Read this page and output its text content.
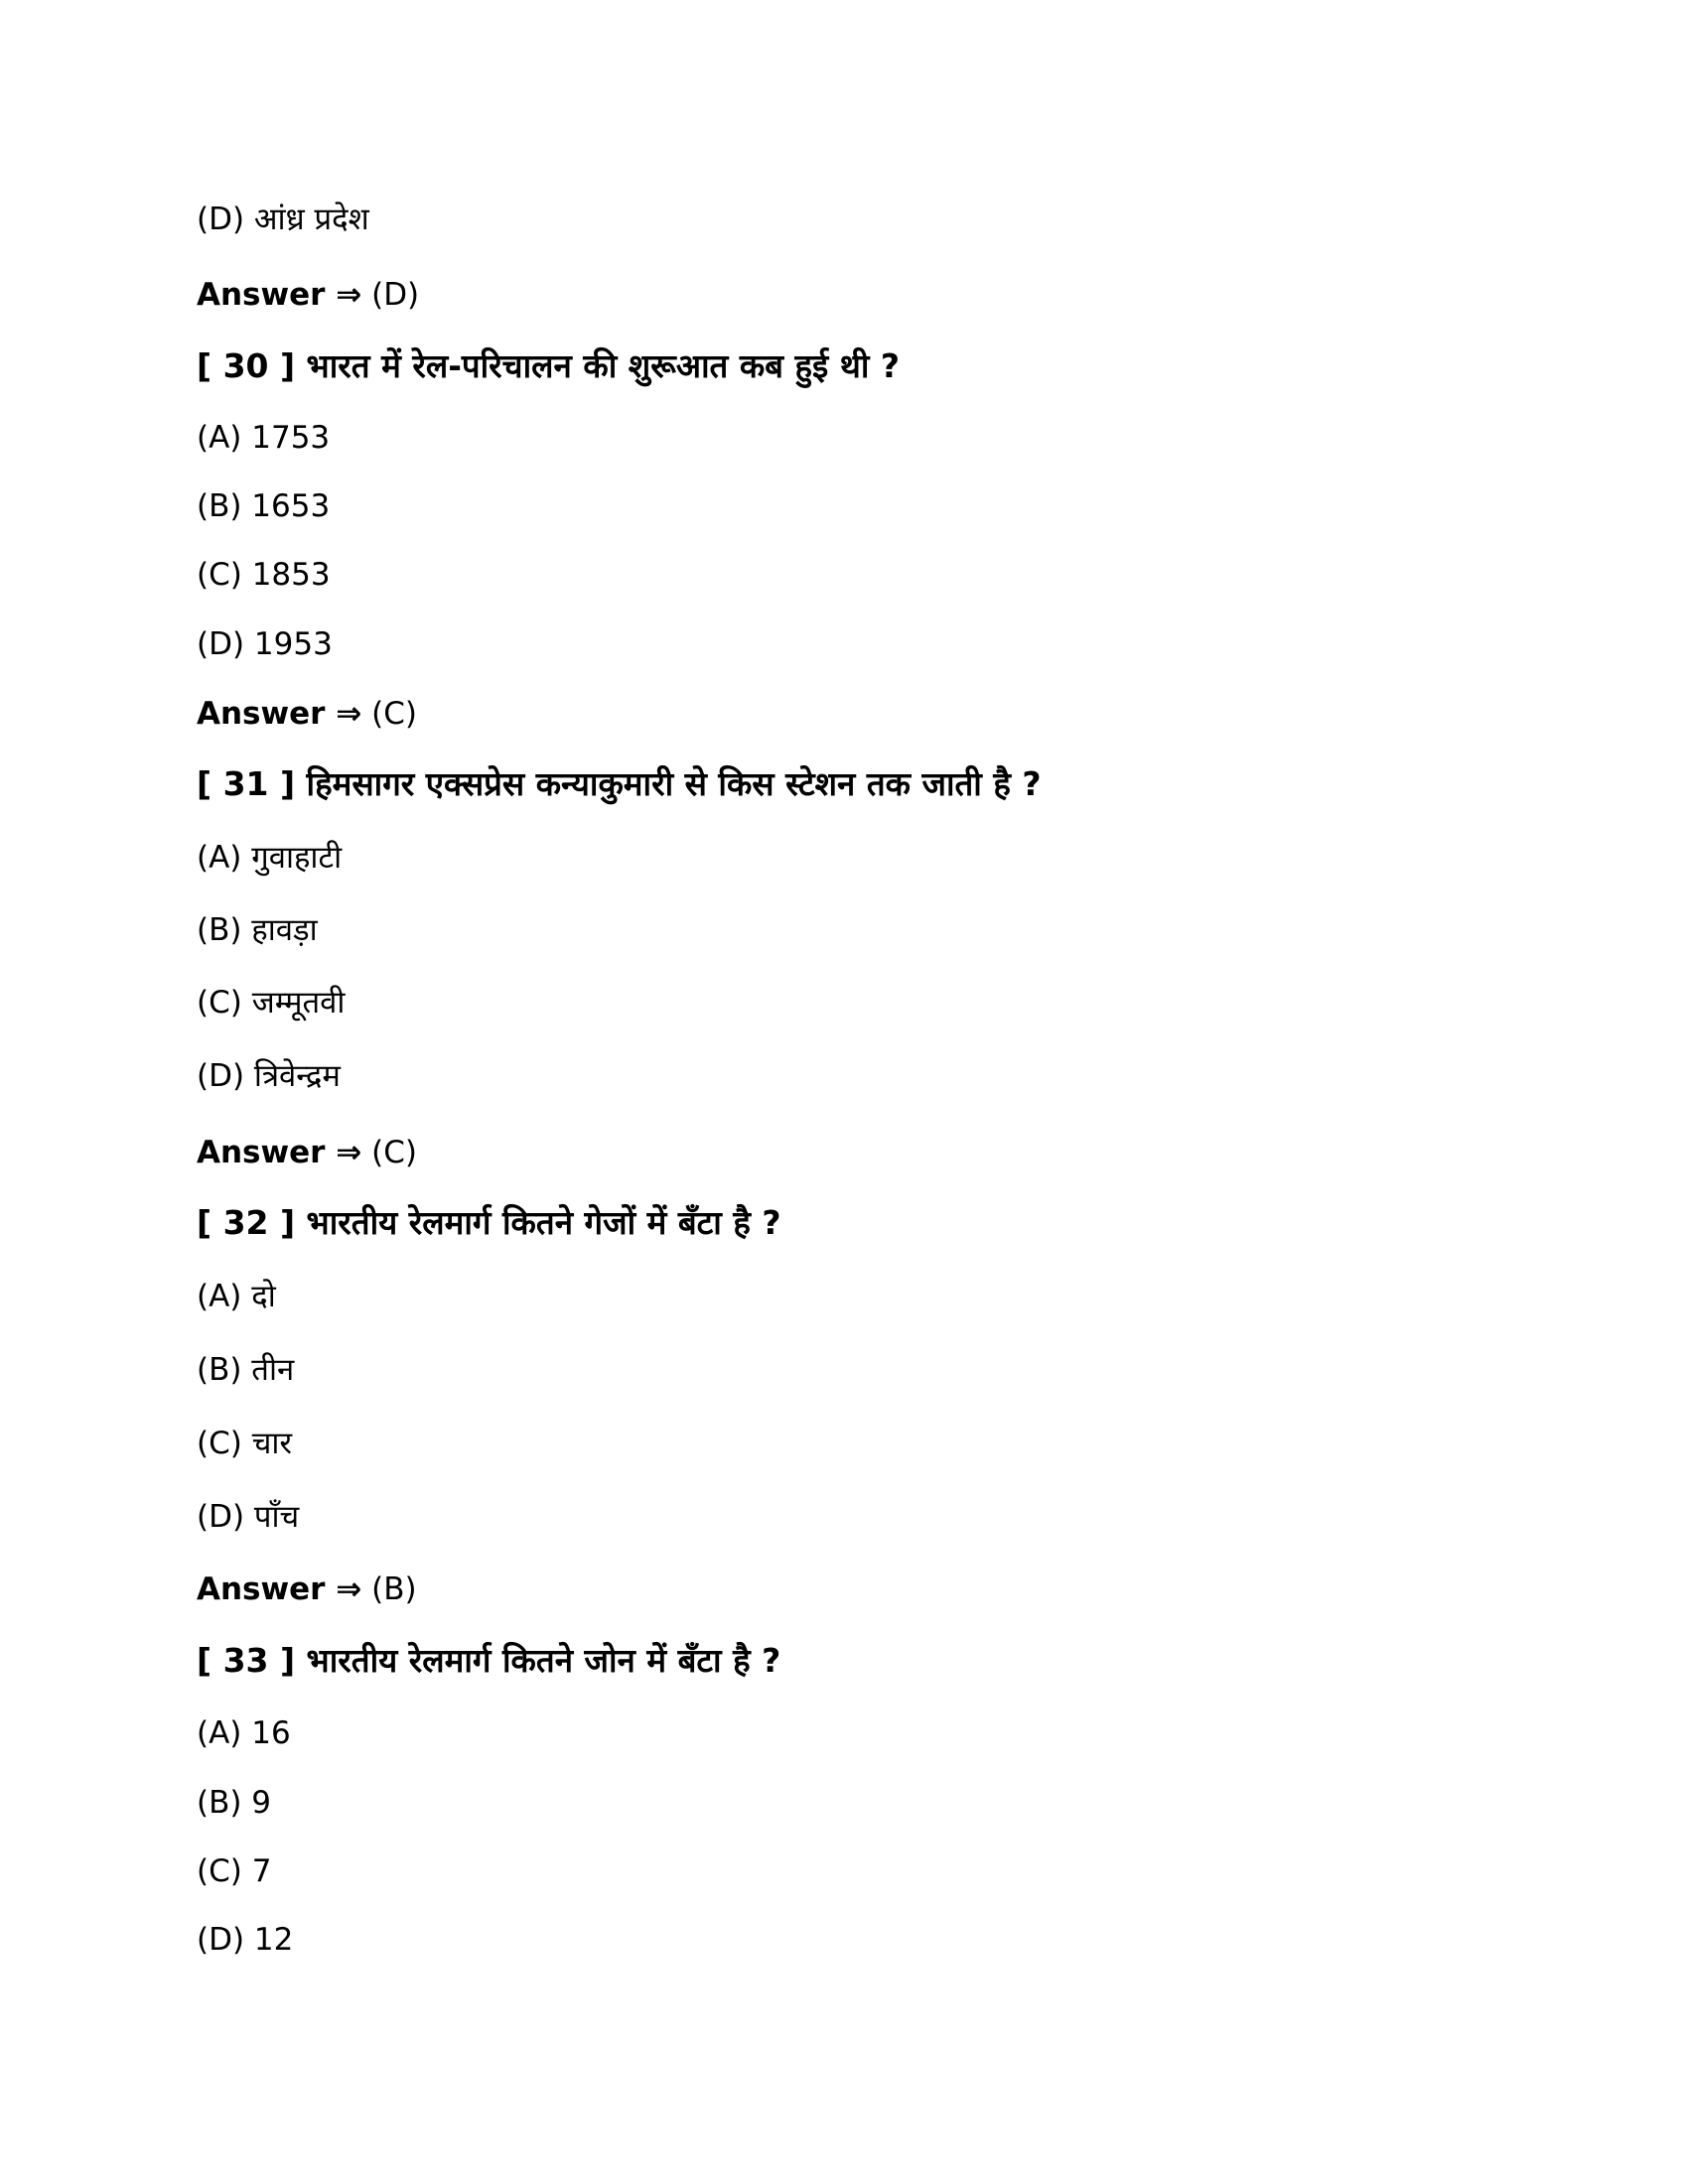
(D) आंध्र प्रदेश
Answer ⇒ (D)
[ 30 ] भारत में रेल-परिचालन की शुरूआत कब हुई थी ?
(A) 1753
(B) 1653
(C) 1853
(D) 1953
Answer ⇒ (C)
[ 31 ] हिमसागर एक्सप्रेस कन्याकुमारी से किस स्टेशन तक जाती है ?
(A) गुवाहाटी
(B) हावड़ा
(C) जम्मूतवी
(D) त्रिवेन्द्रम
Answer ⇒ (C)
[ 32 ] भारतीय रेलमार्ग कितने गेजों में बँटा है ?
(A) दो
(B) तीन
(C) चार
(D) पाँच
Answer ⇒ (B)
[ 33 ] भारतीय रेलमार्ग कितने जोन में बँटा है ?
(A) 16
(B) 9
(C) 7
(D) 12
